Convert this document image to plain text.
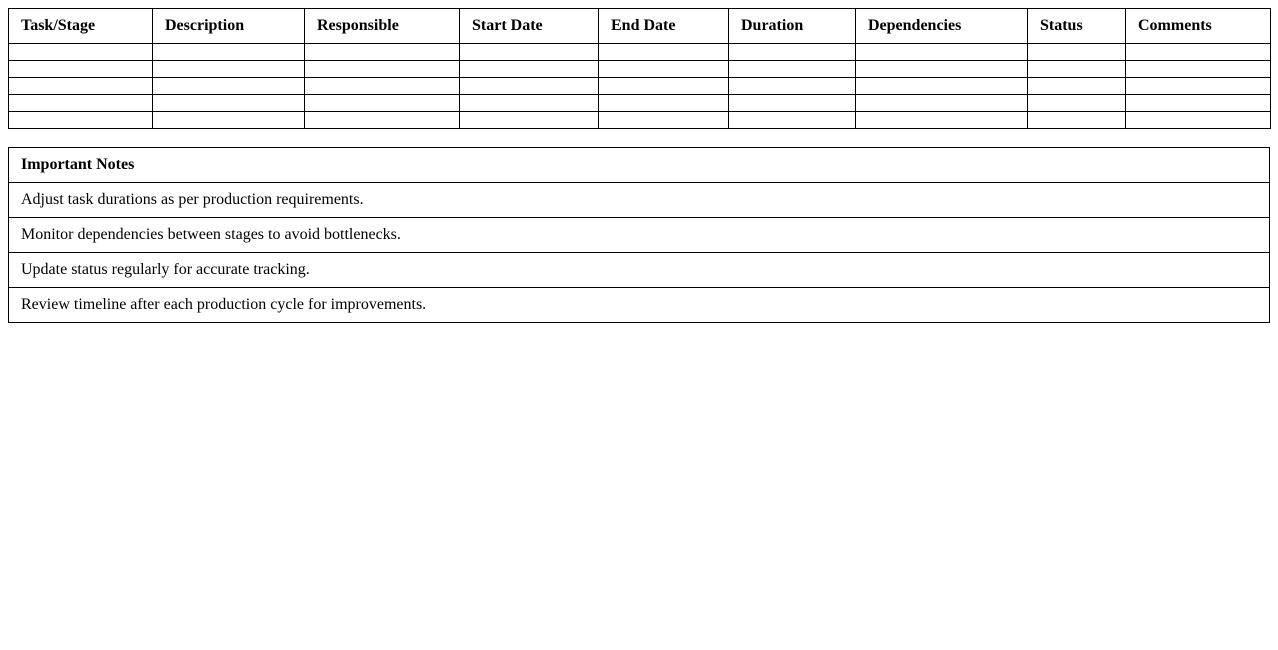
Task/Stage	Description	Responsible	Start Date	End Date	Duration	Dependencies	Status	Comments

Important Notes
Adjust task durations as per production requirements.
Monitor dependencies between stages to avoid bottlenecks.
Update status regularly for accurate tracking.
Review timeline after each production cycle for improvements.
